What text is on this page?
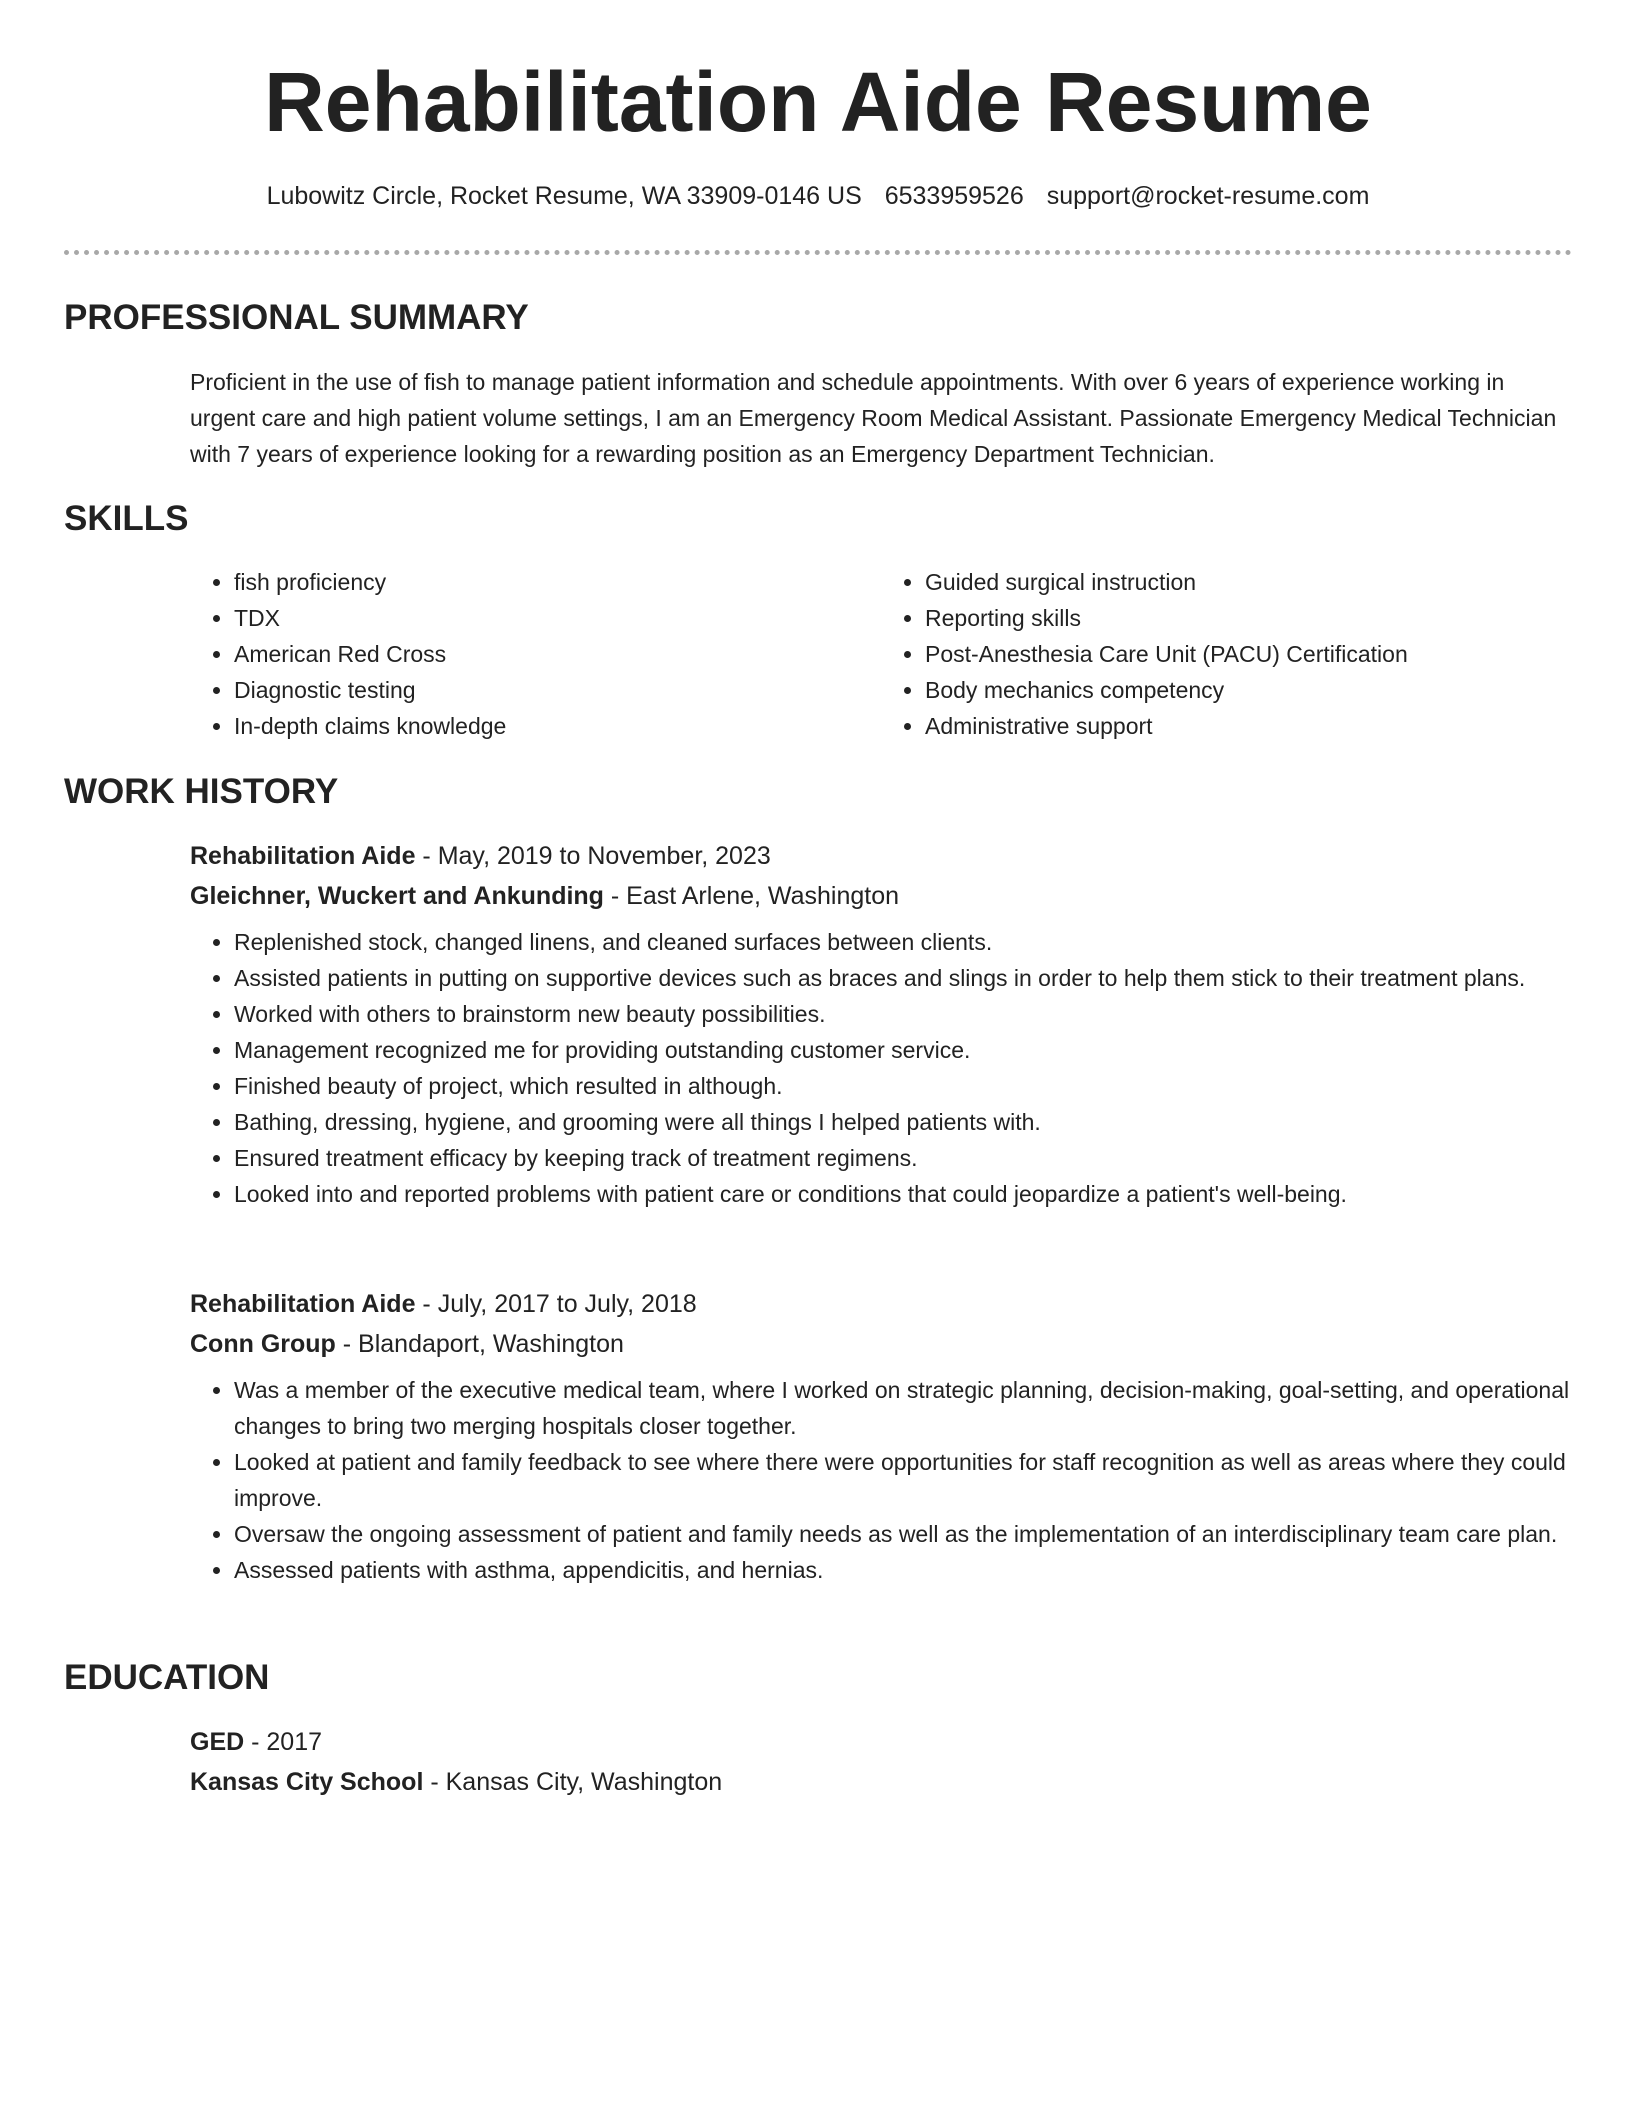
Rehabilitation Aide Resume
Lubowitz Circle, Rocket Resume, WA 33909-0146 US 6533959526 support@rocket-resume.com
PROFESSIONAL SUMMARY

Proficient in the use of fish to manage patient information and schedule appointments. With over 6 years of experience working in urgent care and high patient volume settings, I am an Emergency Room Medical Assistant. Passionate Emergency Medical Technician with 7 years of experience looking for a rewarding position as an Emergency Department Technician.

SKILLS
• fish proficiency
• TDX
• American Red Cross
• Diagnostic testing
• In-depth claims knowledge
• Guided surgical instruction
• Reporting skills
• Post-Anesthesia Care Unit (PACU) Certification
• Body mechanics competency
• Administrative support
WORK HISTORY
Rehabilitation Aide - May, 2019 to November, 2023
Gleichner, Wuckert and Ankunding - East Arlene, Washington
• Replenished stock, changed linens, and cleaned surfaces between clients.
• Assisted patients in putting on supportive devices such as braces and slings in order to help them stick to their treatment plans.
• Worked with others to brainstorm new beauty possibilities.
• Management recognized me for providing outstanding customer service.
• Finished beauty of project, which resulted in although.
• Bathing, dressing, hygiene, and grooming were all things I helped patients with.
• Ensured treatment efficacy by keeping track of treatment regimens.
• Looked into and reported problems with patient care or conditions that could jeopardize a patient's well-being.
Rehabilitation Aide - July, 2017 to July, 2018
Conn Group - Blandaport, Washington
• Was a member of the executive medical team, where I worked on strategic planning, decision-making, goal-setting, and operational changes to bring two merging hospitals closer together.
• Looked at patient and family feedback to see where there were opportunities for staff recognition as well as areas where they could improve.
• Oversaw the ongoing assessment of patient and family needs as well as the implementation of an interdisciplinary team care plan.
• Assessed patients with asthma, appendicitis, and hernias.
EDUCATION
GED - 2017
Kansas City School - Kansas City, Washington
